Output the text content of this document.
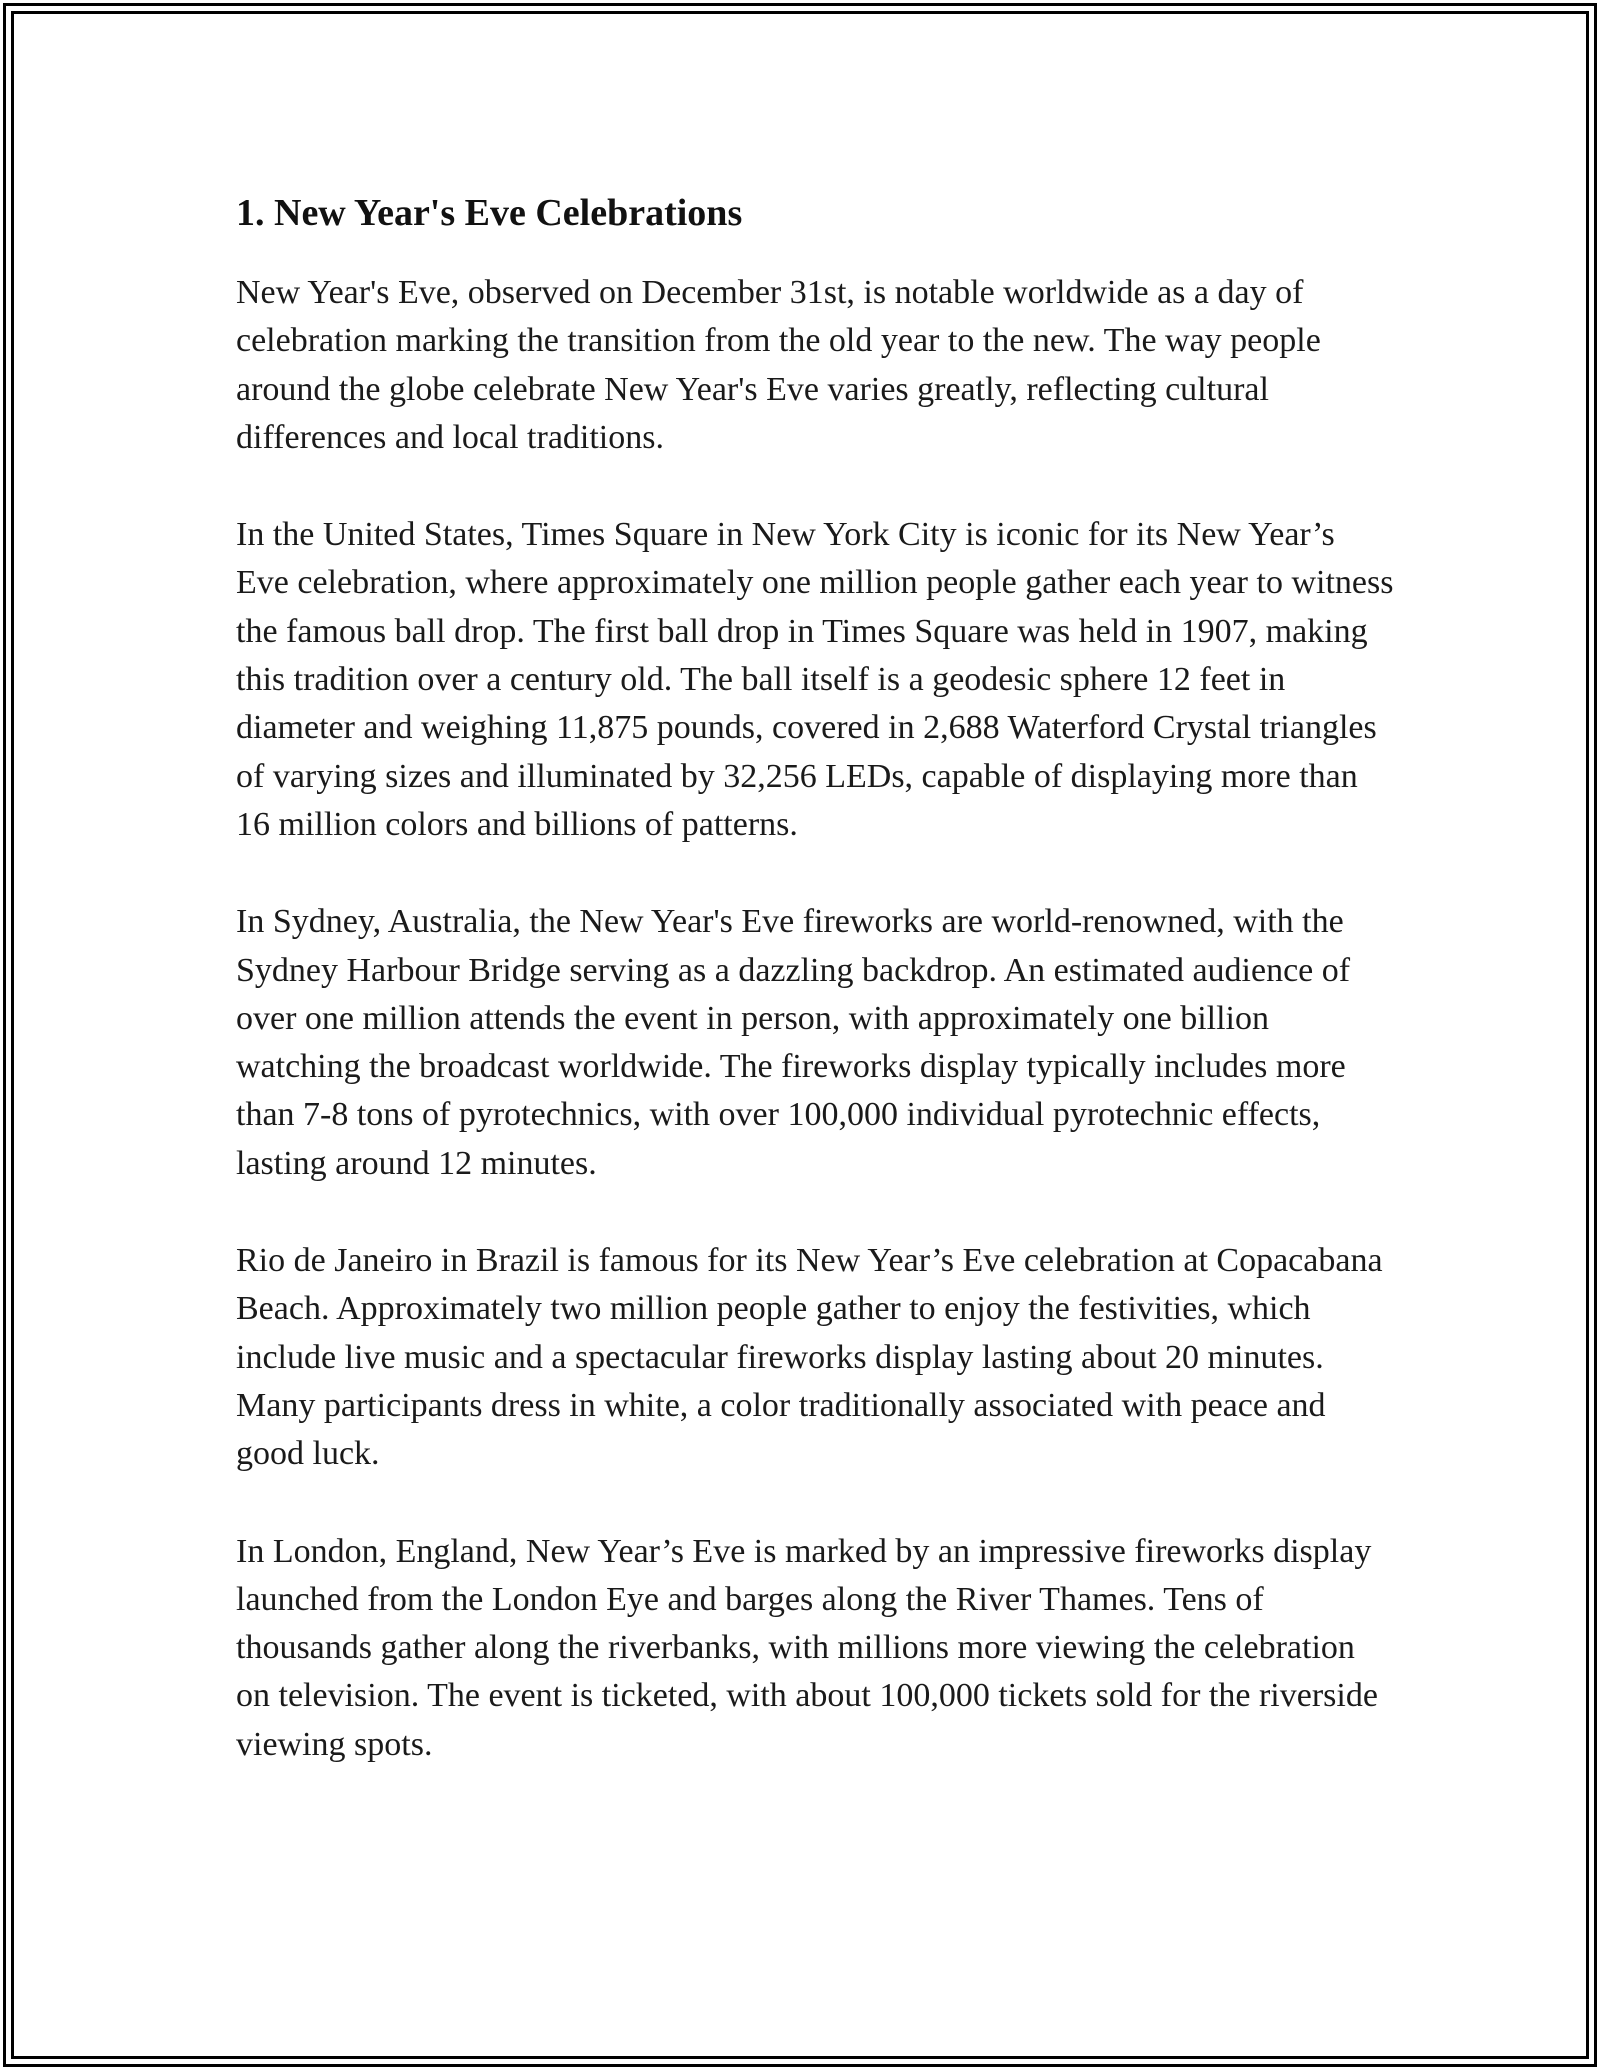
1. New Year's Eve Celebrations

New Year's Eve, observed on December 31st, is notable worldwide as a day of celebration marking the transition from the old year to the new. The way people around the globe celebrate New Year's Eve varies greatly, reflecting cultural differences and local traditions.

In the United States, Times Square in New York City is iconic for its New Year’s Eve celebration, where approximately one million people gather each year to witness the famous ball drop. The first ball drop in Times Square was held in 1907, making this tradition over a century old. The ball itself is a geodesic sphere 12 feet in diameter and weighing 11,875 pounds, covered in 2,688 Waterford Crystal triangles of varying sizes and illuminated by 32,256 LEDs, capable of displaying more than 16 million colors and billions of patterns.

In Sydney, Australia, the New Year's Eve fireworks are world-renowned, with the Sydney Harbour Bridge serving as a dazzling backdrop. An estimated audience of over one million attends the event in person, with approximately one billion watching the broadcast worldwide. The fireworks display typically includes more than 7-8 tons of pyrotechnics, with over 100,000 individual pyrotechnic effects, lasting around 12 minutes.

Rio de Janeiro in Brazil is famous for its New Year’s Eve celebration at Copacabana Beach. Approximately two million people gather to enjoy the festivities, which include live music and a spectacular fireworks display lasting about 20 minutes. Many participants dress in white, a color traditionally associated with peace and good luck.

In London, England, New Year’s Eve is marked by an impressive fireworks display launched from the London Eye and barges along the River Thames. Tens of thousands gather along the riverbanks, with millions more viewing the celebration on television. The event is ticketed, with about 100,000 tickets sold for the riverside viewing spots.
